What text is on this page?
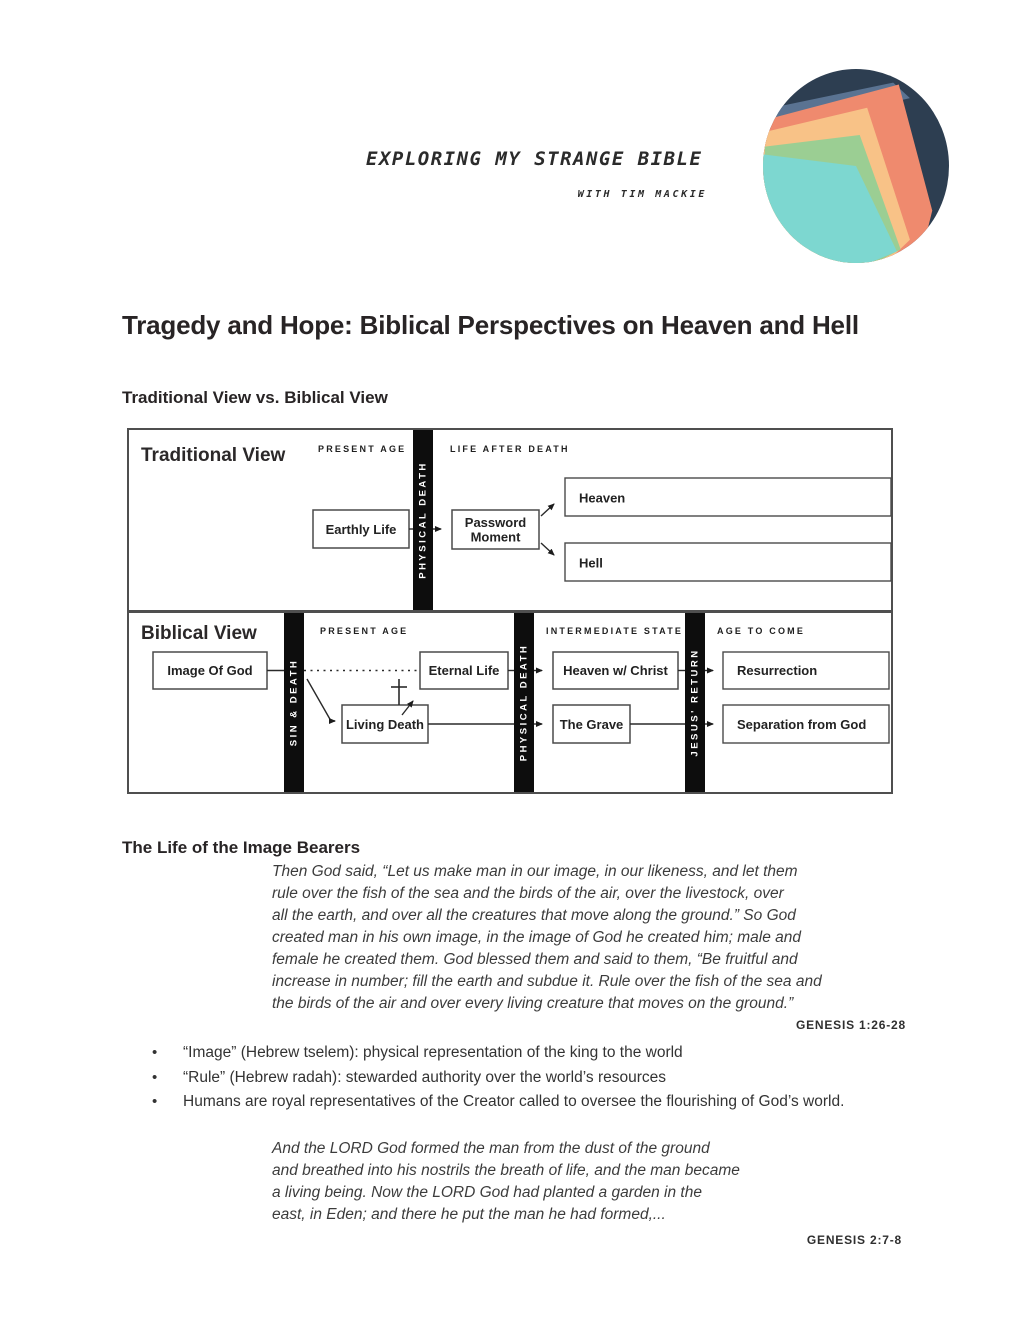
EXPLORING MY STRANGE BIBLE
WITH TIM MACKIE
Tragedy and Hope: Biblical Perspectives on Heaven and Hell
Traditional View vs. Biblical View
Traditional View	PRESENT AGE	LIFE AFTER DEATH
PHYSICAL DEATH
Earthly Life	Password
Moment
Heaven
Hell
Biblical View	PRESENT AGE	INTERMEDIATE STATE	AGE TO COME
SIN & DEATH	PHYSICAL DEATH	JESUS' RETURN
Image Of God	Eternal Life
Living Death
Heaven w/ Christ
The Grave
Resurrection
Separation from God
The Life of the Image Bearers
Then God said, “Let us make man in our image, in our likeness, and let them
rule over the fish of the sea and the birds of the air, over the livestock, over
all the earth, and over all the creatures that move along the ground.” So God
created man in his own image, in the image of God he created him; male and
female he created them. God blessed them and said to them, “Be fruitful and
increase in number; fill the earth and subdue it. Rule over the fish of the sea and
the birds of the air and over every living creature that moves on the ground.”
GENESIS 1:26-28
• “Image” (Hebrew tselem): physical representation of the king to the world
• “Rule” (Hebrew radah): stewarded authority over the world’s resources
• Humans are royal representatives of the Creator called to oversee the flourishing of God’s world.
And the LORD God formed the man from the dust of the ground
and breathed into his nostrils the breath of life, and the man became
a living being. Now the LORD God had planted a garden in the
east, in Eden; and there he put the man he had formed,...
GENESIS 2:7-8
